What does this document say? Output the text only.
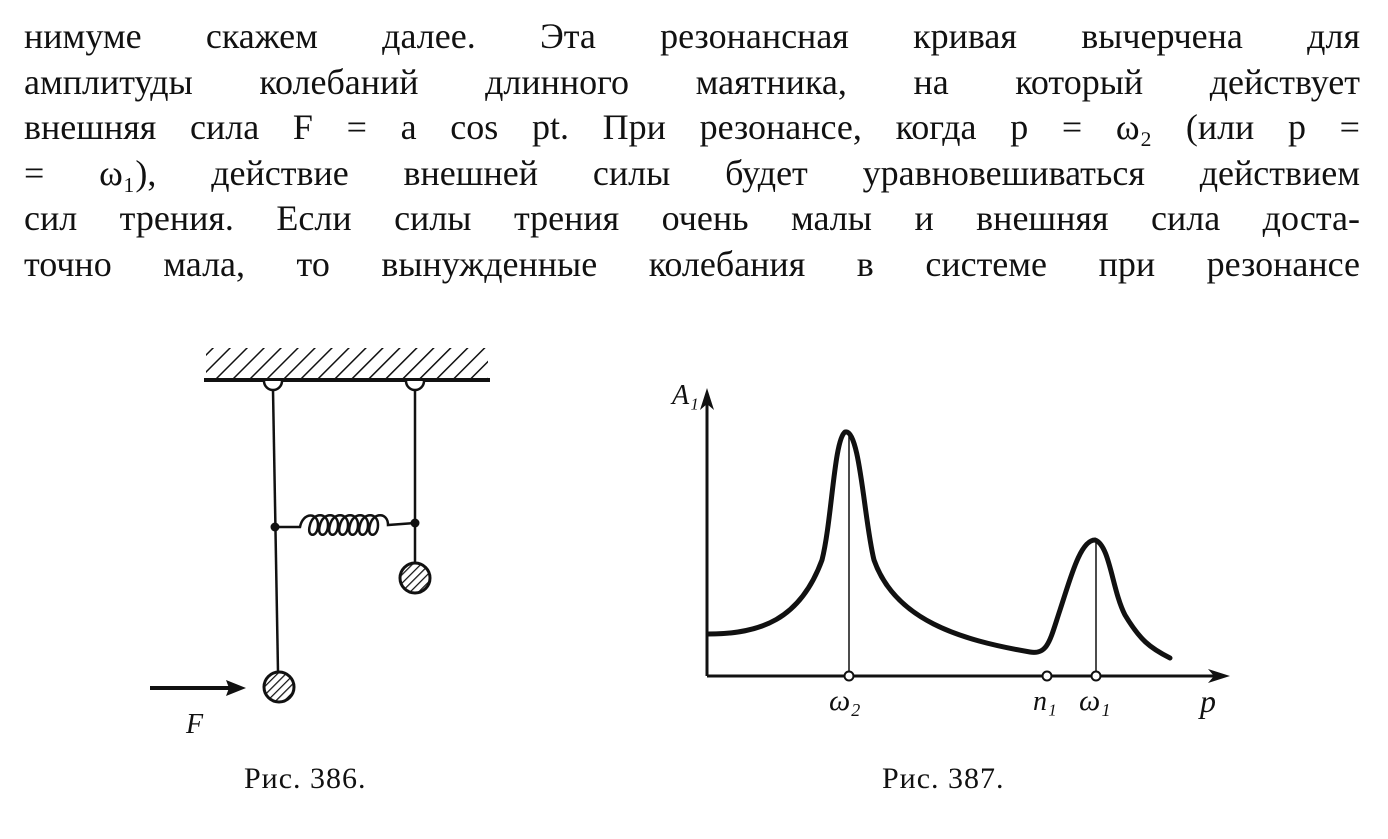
нимуме скажем далее. Эта резонансная кривая вычерчена для
амплитуды колебаний длинного маятника, на который действует
внешняя сила F = a cos pt. При резонансе, когда p = ω₂ (или p =
= ω₁), действие внешней силы будет уравновешиваться действием
сил трения. Если силы трения очень малы и внешняя сила доста-
точно мала, то вынужденные колебания в системе при резонансе
F
A₁
p
ω₂	n₁ ω₁
Рис. 386.	Рис. 387.
